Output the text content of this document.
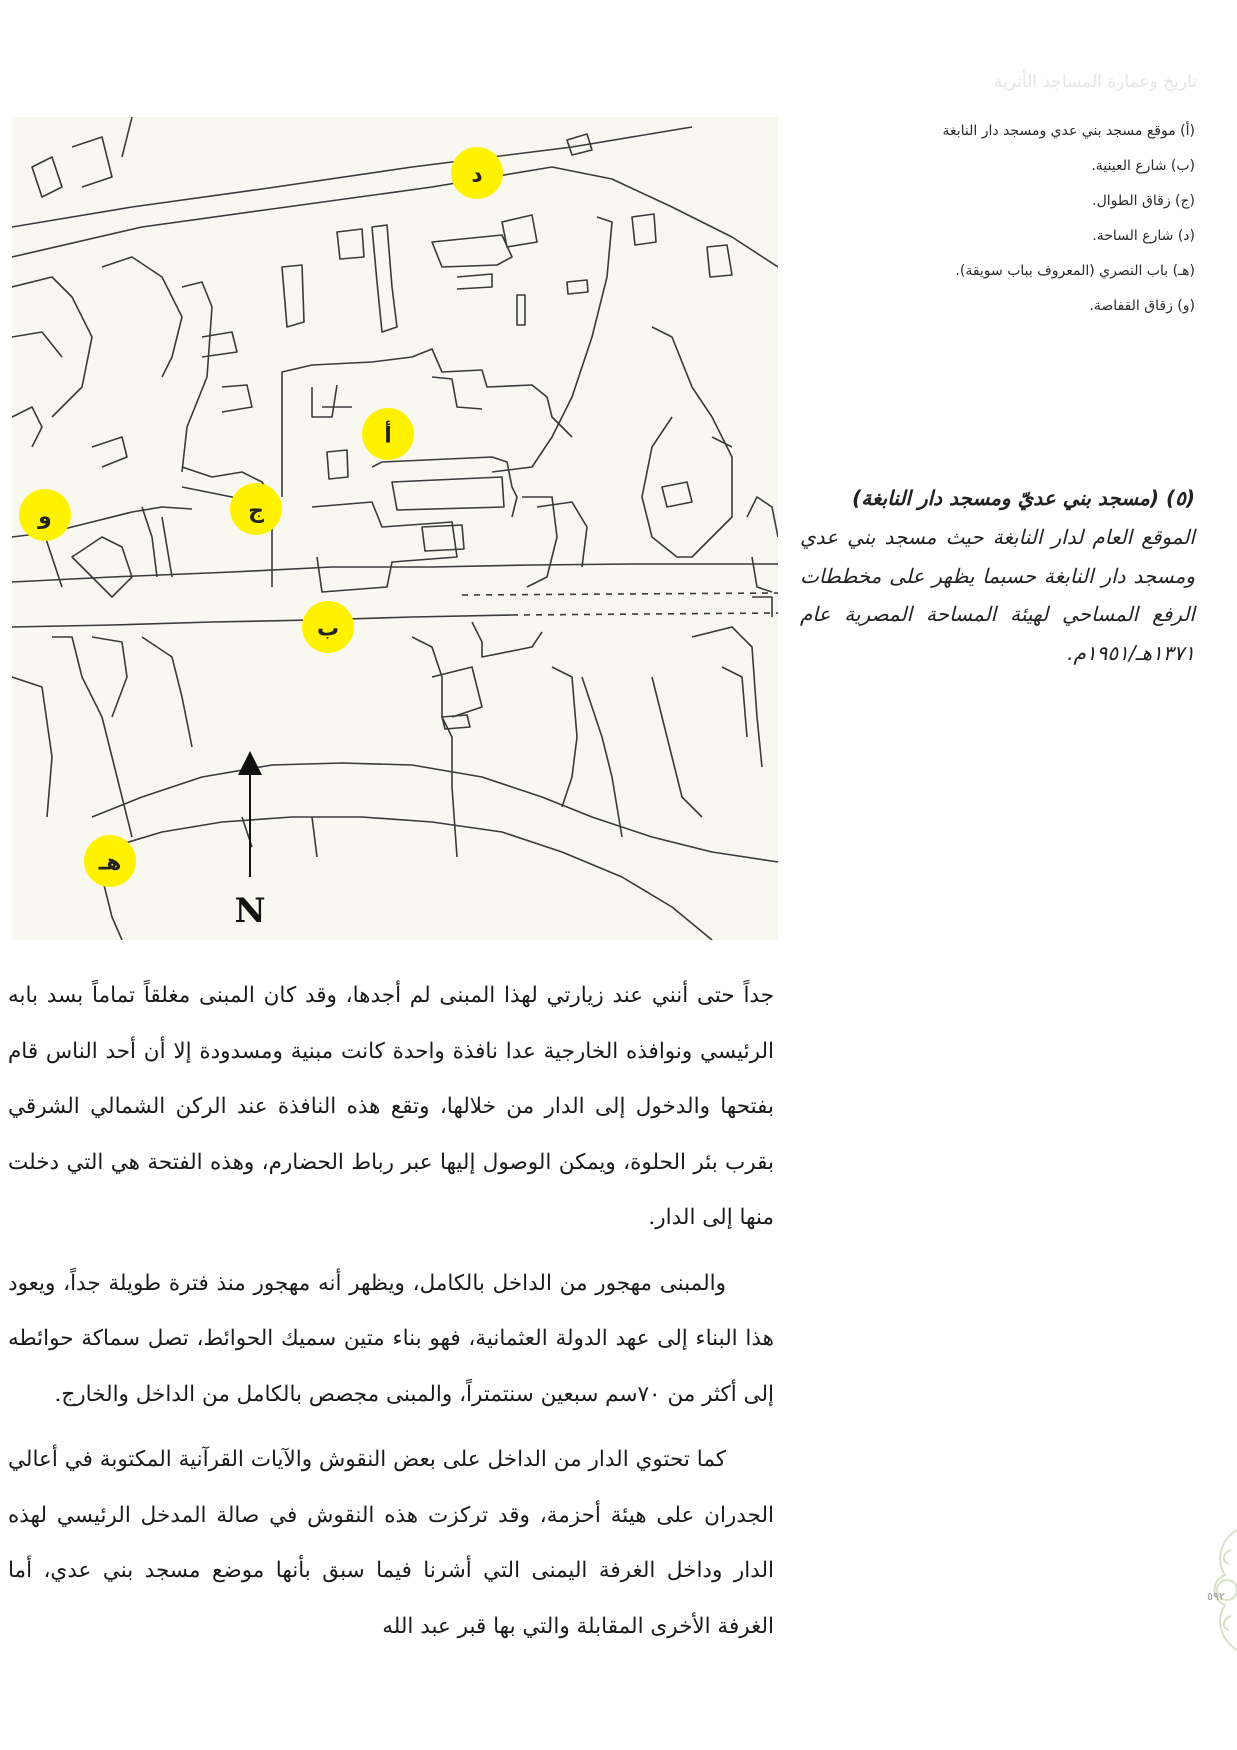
تاريخ وعمارة المساجد الأثرية
أ
ب
ج
د
هـ
و
N
(أ) موقع مسجد بني عدي ومسجد دار النابغة
(ب) شارع العينية.
(ج) زقاق الطوال.
(د) شارع الساحة.
(هـ) باب النصري (المعروف بباب سويقة).
(و) زقاق القفاصة.

(٥) (مسجد بني عديّ ومسجد دار النابغة)

الموقع العام لدار النابغة حيث مسجد بني عدي ومسجد دار النابغة حسبما يظهر على مخططات الرفع المساحي لهيئة المساحة المصرية عام ١٣٧١هـ/١٩٥١م.

جداً حتى أنني عند زيارتي لهذا المبنى لم أجدها، وقد كان المبنى مغلقاً تماماً بسد بابه الرئيسي ونوافذه الخارجية عدا نافذة واحدة كانت مبنية ومسدودة إلا أن أحد الناس قام بفتحها والدخول إلى الدار من خلالها، وتقع هذه النافذة عند الركن الشمالي الشرقي بقرب بئر الحلوة، ويمكن الوصول إليها عبر رباط الحضارم، وهذه الفتحة هي التي دخلت منها إلى الدار.

والمبنى مهجور من الداخل بالكامل، ويظهر أنه مهجور منذ فترة طويلة جداً، ويعود هذا البناء إلى عهد الدولة العثمانية، فهو بناء متين سميك الحوائط، تصل سماكة حوائطه إلى أكثر من ٧٠سم سبعين سنتمتراً، والمبنى مجصص بالكامل من الداخل والخارج.

كما تحتوي الدار من الداخل على بعض النقوش والآيات القرآنية المكتوبة في أعالي الجدران على هيئة أحزمة، وقد تركزت هذه النقوش في صالة المدخل الرئيسي لهذه الدار وداخل الغرفة اليمنى التي أشرنا فيما سبق بأنها موضع مسجد بني عدي، أما الغرفة الأخرى المقابلة والتي بها قبر عبد الله

٥٩٢
